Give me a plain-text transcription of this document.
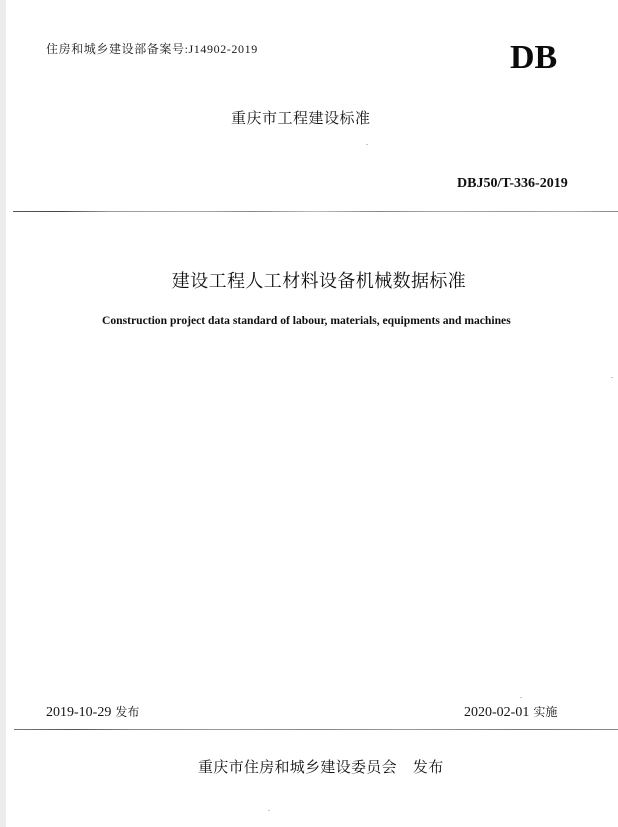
住房和城乡建设部备案号:J14902-2019	DB
重庆市工程建设标准
DBJ50/T-336-2019
建设工程人工材料设备机械数据标准
Construction project data standard of labour, materials, equipments and machines
2019-10-29 发布	2020-02-01 实施
重庆市住房和城乡建设委员会 发布
